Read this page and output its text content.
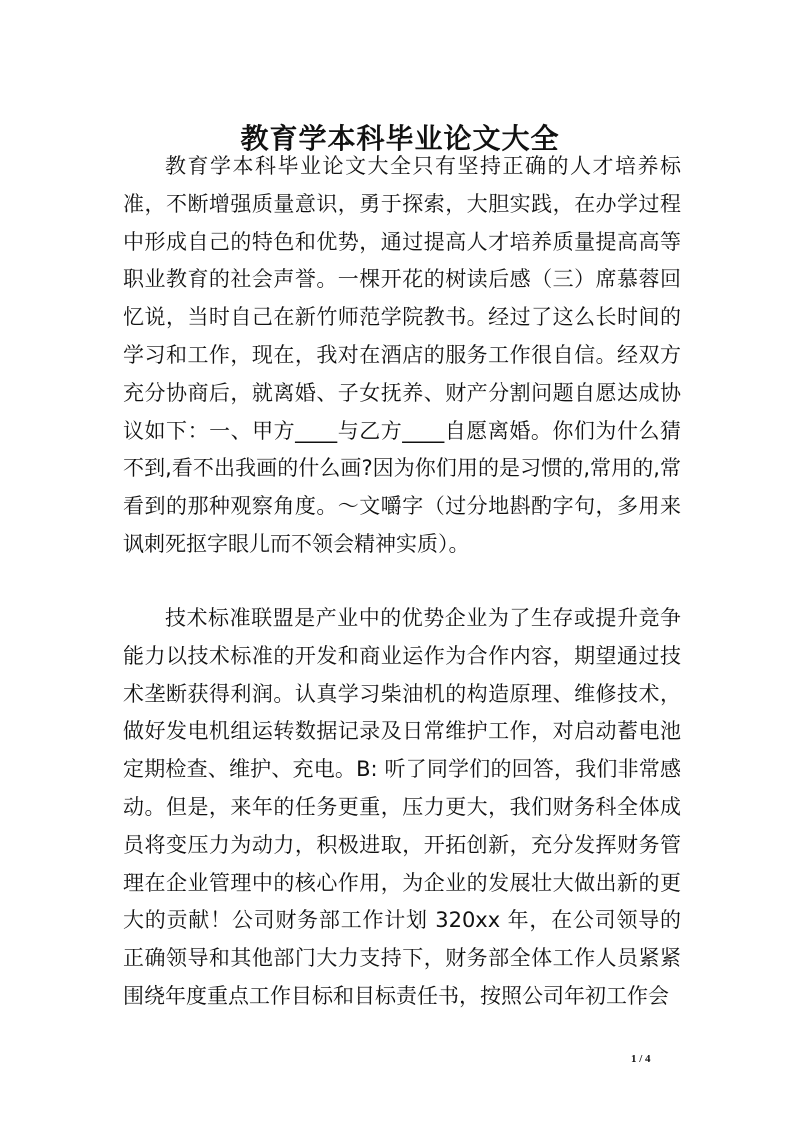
教育学本科毕业论文大全

教育学本科毕业论文大全只有坚持正确的人才培养标准，不断增强质量意识，勇于探索，大胆实践，在办学过程中形成自己的特色和优势，通过提高人才培养质量提高高等职业教育的社会声誉。一棵开花的树读后感（三）席慕蓉回忆说，当时自己在新竹师范学院教书。经过了这么长时间的学习和工作，现在，我对在酒店的服务工作很自信。经双方充分协商后，就离婚、子女抚养、财产分割问题自愿达成协议如下：一、甲方____与乙方____自愿离婚。你们为什么猜不到,看不出我画的什么画?因为你们用的是习惯的,常用的,常看到的那种观察角度。～文嚼字（过分地斟酌字句，多用来讽刺死抠字眼儿而不领会精神实质）。

技术标准联盟是产业中的优势企业为了生存或提升竞争能力以技术标准的开发和商业运作为合作内容，期望通过技术垄断获得利润。认真学习柴油机的构造原理、维修技术，做好发电机组运转数据记录及日常维护工作，对启动蓄电池定期检查、维护、充电。B: 听了同学们的回答，我们非常感动。但是，来年的任务更重，压力更大，我们财务科全体成员将变压力为动力，积极进取，开拓创新，充分发挥财务管理在企业管理中的核心作用，为企业的发展壮大做出新的更大的贡献！公司财务部工作计划 320xx 年，在公司领导的正确领导和其他部门大力支持下，财务部全体工作人员紧紧围绕年度重点工作目标和目标责任书，按照公司年初工作会

1 / 4
